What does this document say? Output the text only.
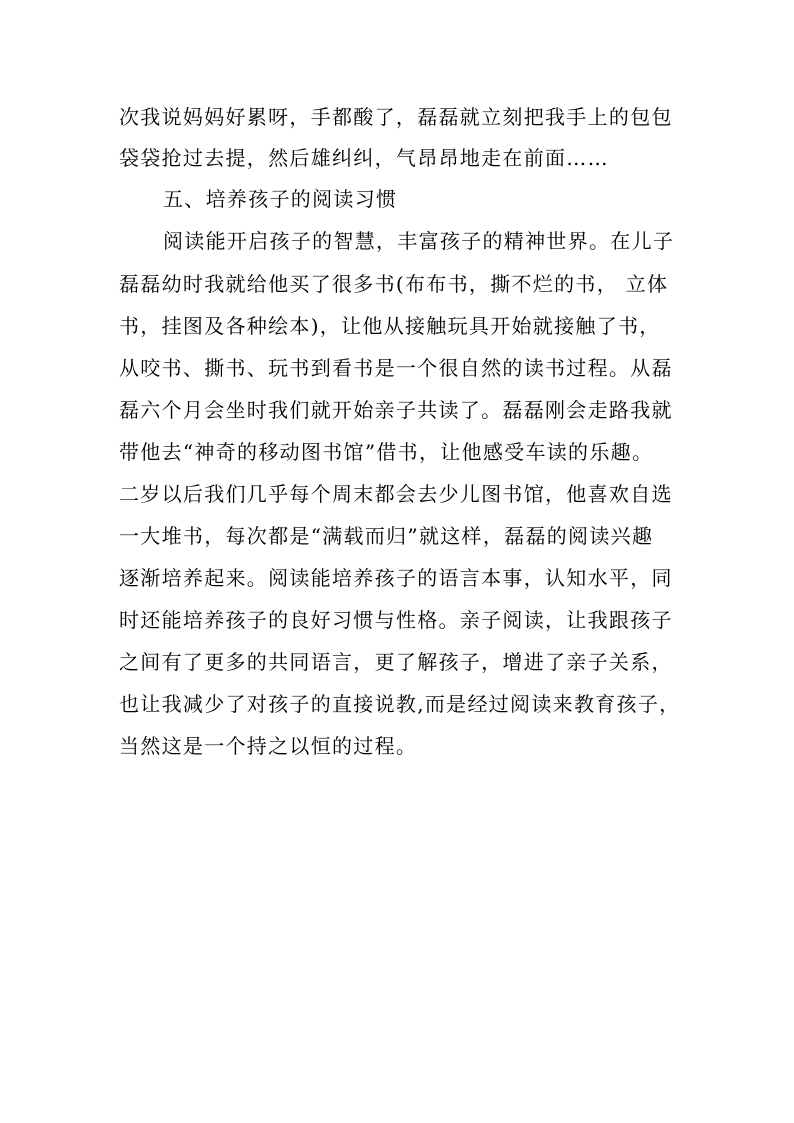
次我说妈妈好累呀，手都酸了，磊磊就立刻把我手上的包包
袋袋抢过去提，然后雄纠纠，气昂昂地走在前面……
五、培养孩子的阅读习惯
阅读能开启孩子的智慧，丰富孩子的精神世界。在儿子
磊磊幼时我就给他买了很多书(布布书，撕不烂的书， 立体
书，挂图及各种绘本)，让他从接触玩具开始就接触了书，
从咬书、撕书、玩书到看书是一个很自然的读书过程。从磊
磊六个月会坐时我们就开始亲子共读了。磊磊刚会走路我就
带他去“神奇的移动图书馆”借书，让他感受车读的乐趣。
二岁以后我们几乎每个周末都会去少儿图书馆，他喜欢自选
一大堆书，每次都是“满载而归”就这样，磊磊的阅读兴趣
逐渐培养起来。阅读能培养孩子的语言本事，认知水平，同
时还能培养孩子的良好习惯与性格。亲子阅读，让我跟孩子
之间有了更多的共同语言，更了解孩子，增进了亲子关系，
也让我减少了对孩子的直接说教,而是经过阅读来教育孩子，
当然这是一个持之以恒的过程。
